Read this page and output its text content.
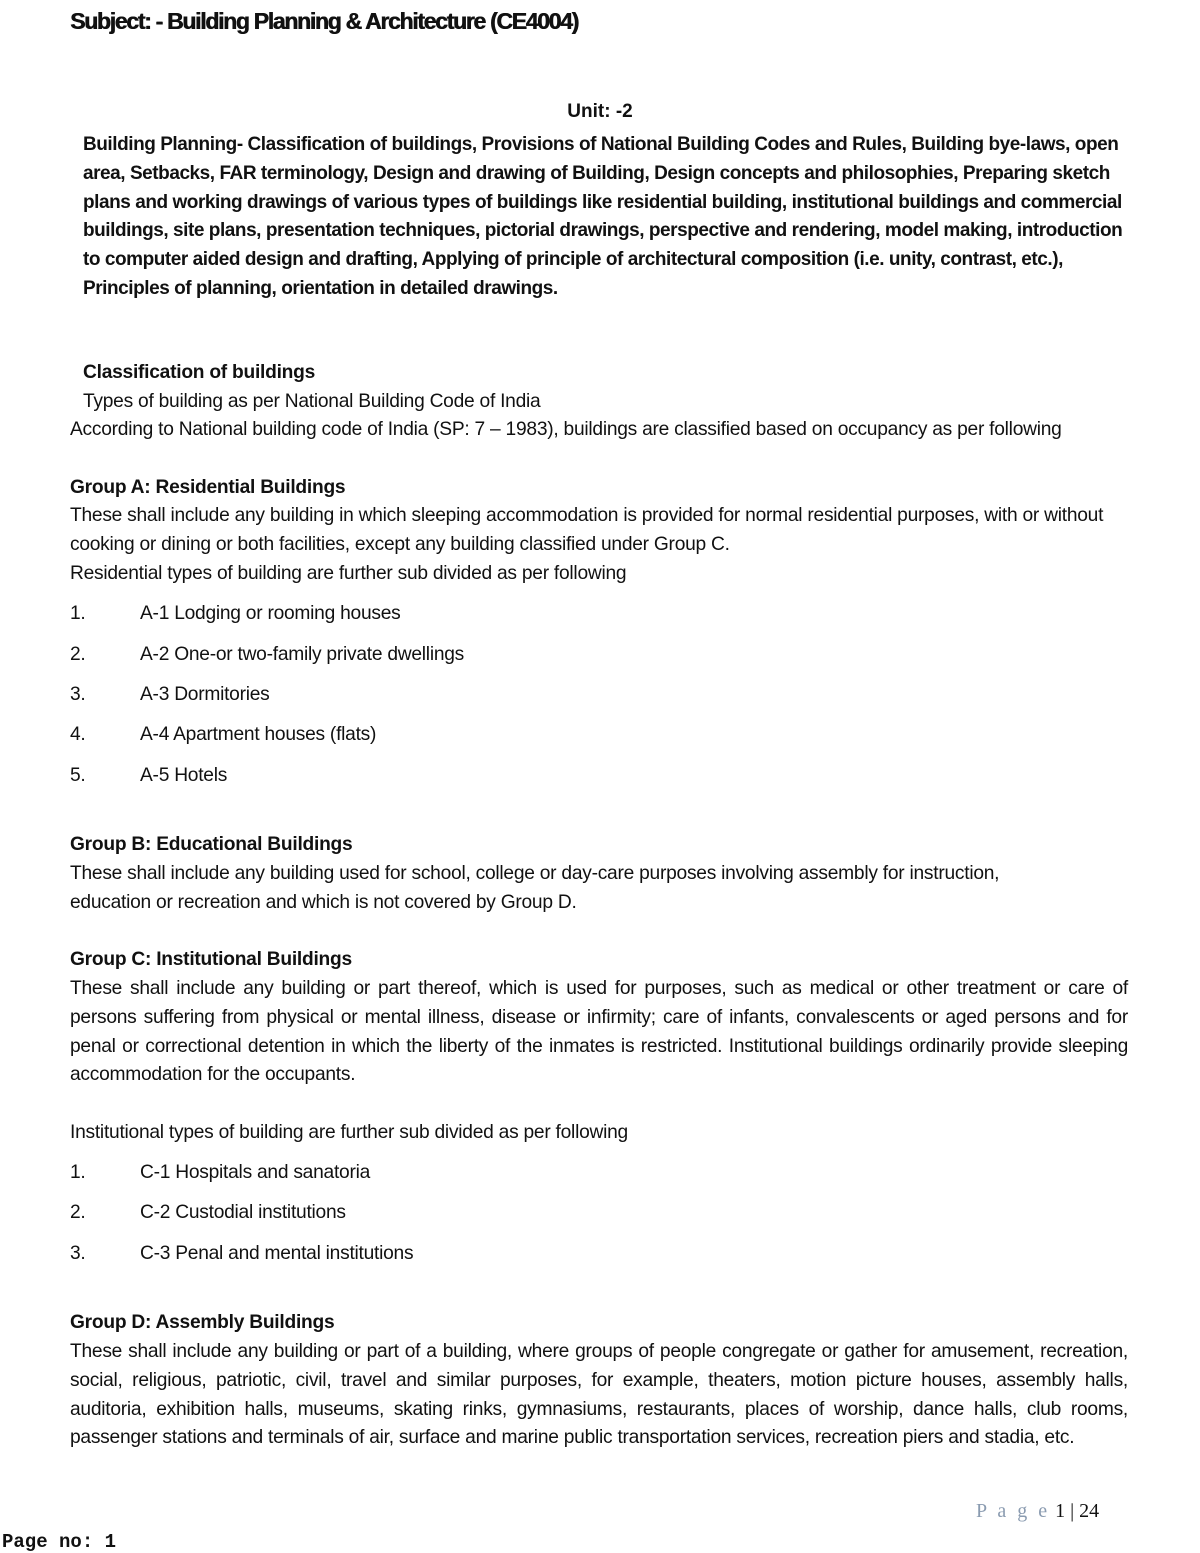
Subject: - Building Planning & Architecture (CE4004)
Unit: -2
Building Planning- Classification of buildings, Provisions of National Building Codes and Rules, Building bye-laws, open area, Setbacks, FAR terminology, Design and drawing of Building, Design concepts and philosophies, Preparing sketch plans and working drawings of various types of buildings like residential building, institutional buildings and commercial buildings, site plans, presentation techniques, pictorial drawings, perspective and rendering, model making, introduction to computer aided design and drafting, Applying of principle of architectural composition (i.e. unity, contrast, etc.), Principles of planning, orientation in detailed drawings.
Classification of buildings
Types of building as per National Building Code of India
According to National building code of India (SP: 7 – 1983), buildings are classified based on occupancy as per following
Group A: Residential Buildings
These shall include any building in which sleeping accommodation is provided for normal residential purposes, with or without cooking or dining or both facilities, except any building classified under Group C.
Residential types of building are further sub divided as per following
1.	A-1 Lodging or rooming houses
2.	A-2 One-or two-family private dwellings
3.	A-3 Dormitories
4.	A-4 Apartment houses (flats)
5.	A-5 Hotels
Group B: Educational Buildings
These shall include any building used for school, college or day-care purposes involving assembly for instruction, education or recreation and which is not covered by Group D.
Group C: Institutional Buildings
These shall include any building or part thereof, which is used for purposes, such as medical or other treatment or care of persons suffering from physical or mental illness, disease or infirmity; care of infants, convalescents or aged persons and for penal or correctional detention in which the liberty of the inmates is restricted. Institutional buildings ordinarily provide sleeping accommodation for the occupants.
Institutional types of building are further sub divided as per following
1.	C-1 Hospitals and sanatoria
2.	C-2 Custodial institutions
3.	C-3 Penal and mental institutions
Group D: Assembly Buildings
These shall include any building or part of a building, where groups of people congregate or gather for amusement, recreation, social, religious, patriotic, civil, travel and similar purposes, for example, theaters, motion picture houses, assembly halls, auditoria, exhibition halls, museums, skating rinks, gymnasiums, restaurants, places of worship, dance halls, club rooms, passenger stations and terminals of air, surface and marine public transportation services, recreation piers and stadia, etc.
P a g e 1 | 24
Page no: 1
